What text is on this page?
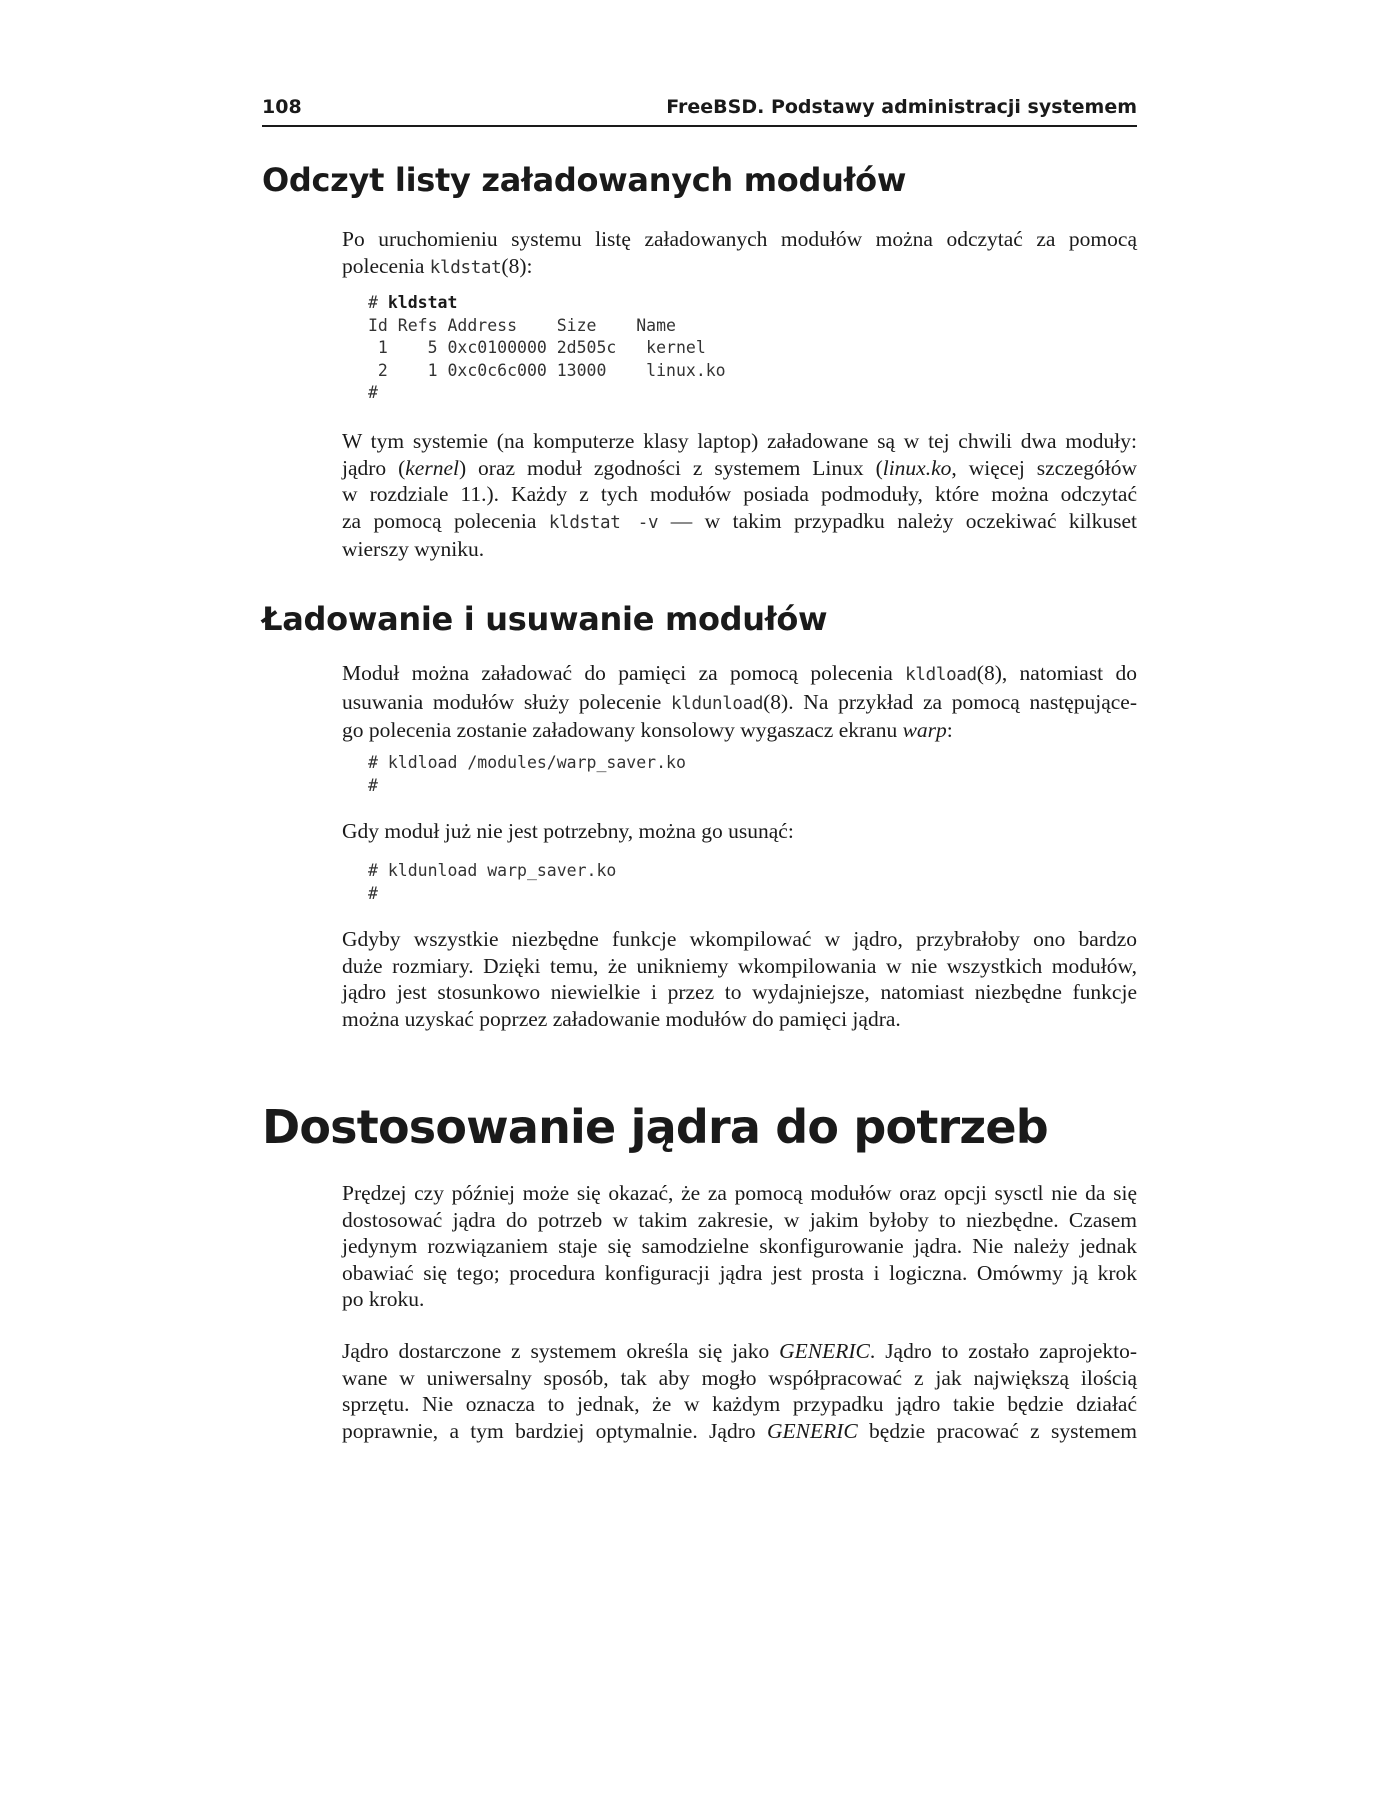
108	FreeBSD. Podstawy administracji systemem
Odczyt listy załadowanych modułów

Po uruchomieniu systemu listę załadowanych modułów można odczytać za pomocą
polecenia kldstat(8):

# kldstat
Id Refs Address    Size    Name
1    5 0xc0100000 2d505c   kernel
2    1 0xc0c6c000 13000    linux.ko
#

W tym systemie (na komputerze klasy laptop) załadowane są w tej chwili dwa moduły:
jądro (kernel) oraz moduł zgodności z systemem Linux (linux.ko, więcej szczegółów
w rozdziale 11.). Każdy z tych modułów posiada podmoduły, które można odczytać
za pomocą polecenia kldstat -v — w takim przypadku należy oczekiwać kilkuset
wierszy wyniku.

Ładowanie i usuwanie modułów

Moduł można załadować do pamięci za pomocą polecenia kldload(8), natomiast do
usuwania modułów służy polecenie kldunload(8). Na przykład za pomocą następujące-
go polecenia zostanie załadowany konsolowy wygaszacz ekranu warp:

# kldload /modules/warp_saver.ko
#

Gdy moduł już nie jest potrzebny, można go usunąć:

# kldunload warp_saver.ko
#

Gdyby wszystkie niezbędne funkcje wkompilować w jądro, przybrałoby ono bardzo
duże rozmiary. Dzięki temu, że unikniemy wkompilowania w nie wszystkich modułów,
jądro jest stosunkowo niewielkie i przez to wydajniejsze, natomiast niezbędne funkcje
można uzyskać poprzez załadowanie modułów do pamięci jądra.

Dostosowanie jądra do potrzeb

Prędzej czy później może się okazać, że za pomocą modułów oraz opcji sysctl nie da się
dostosować jądra do potrzeb w takim zakresie, w jakim byłoby to niezbędne. Czasem
jedynym rozwiązaniem staje się samodzielne skonfigurowanie jądra. Nie należy jednak
obawiać się tego; procedura konfiguracji jądra jest prosta i logiczna. Omówmy ją krok
po kroku.

Jądro dostarczone z systemem określa się jako GENERIC. Jądro to zostało zaprojekto-
wane w uniwersalny sposób, tak aby mogło współpracować z jak największą ilością
sprzętu. Nie oznacza to jednak, że w każdym przypadku jądro takie będzie działać
poprawnie, a tym bardziej optymalnie. Jądro GENERIC będzie pracować z systemem
